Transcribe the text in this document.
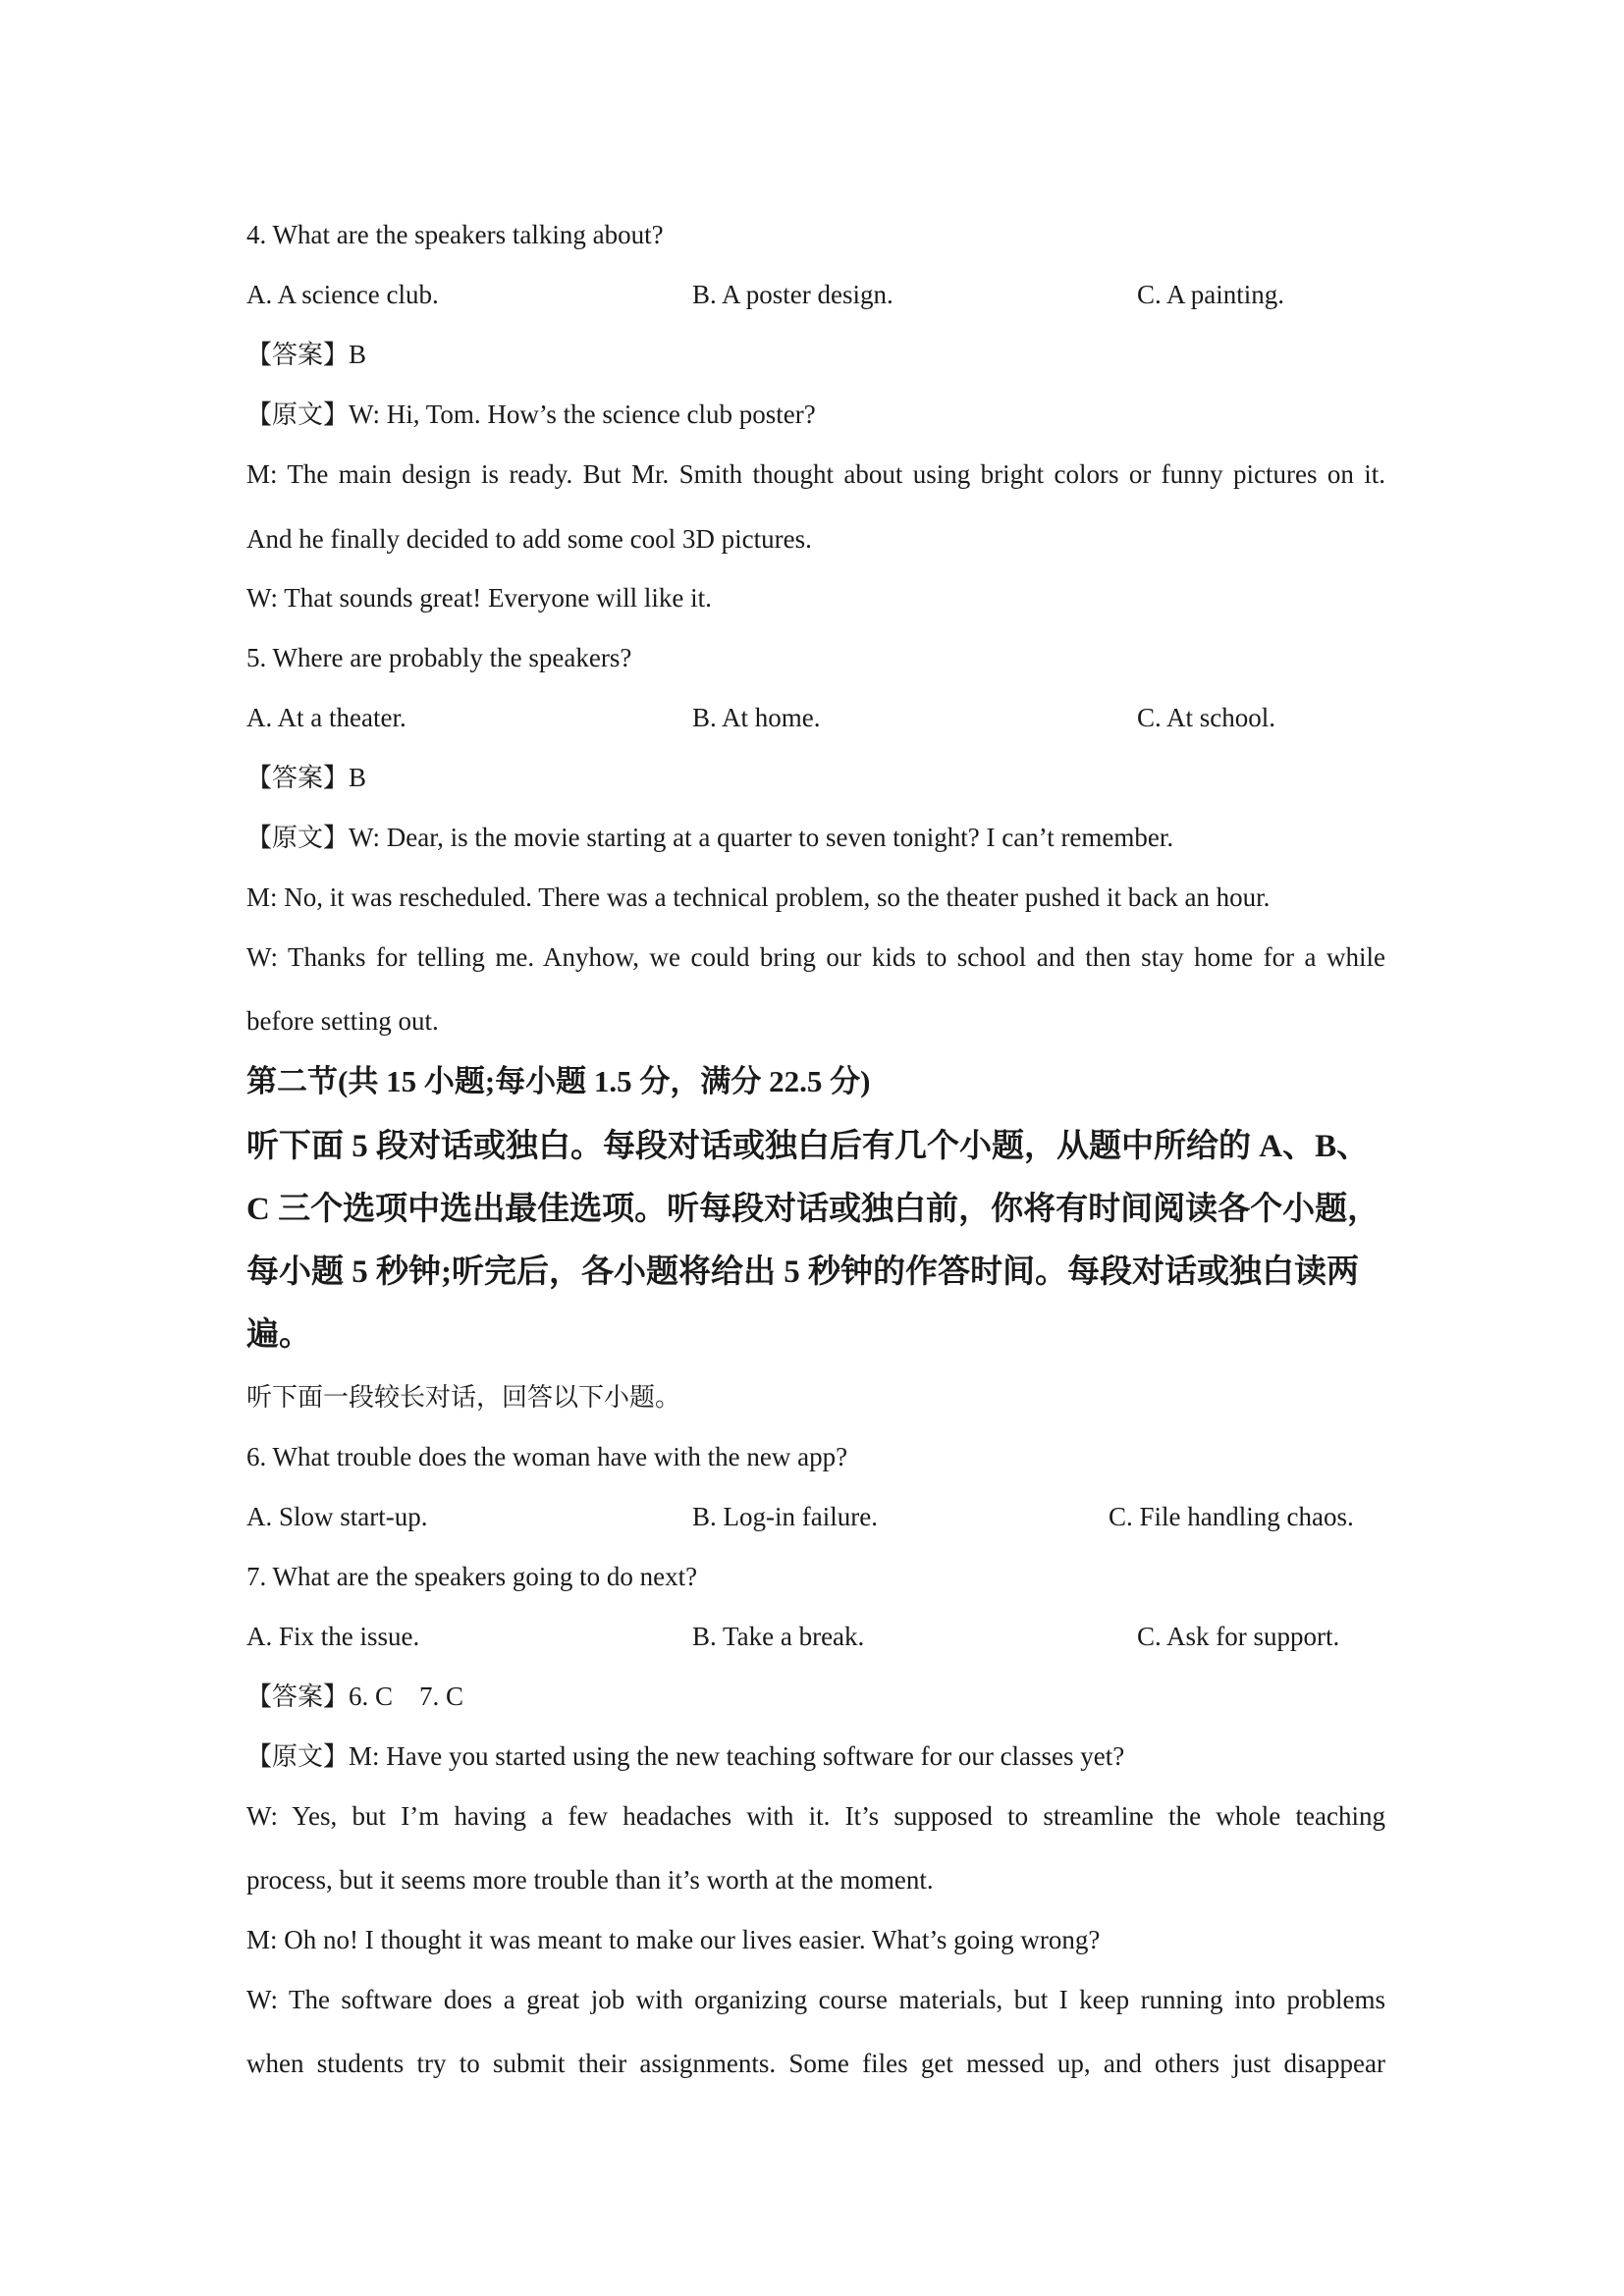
4. What are the speakers talking about?
A. A science club.	B. A poster design.	C. A painting.
【答案】B
【原文】W: Hi, Tom. How’s the science club poster?
M: The main design is ready. But Mr. Smith thought about using bright colors or funny pictures on it.
And he finally decided to add some cool 3D pictures.
W: That sounds great! Everyone will like it.
5. Where are probably the speakers?
A. At a theater.	B. At home.	C. At school.
【答案】B
【原文】W: Dear, is the movie starting at a quarter to seven tonight? I can’t remember.
M: No, it was rescheduled. There was a technical problem, so the theater pushed it back an hour.
W: Thanks for telling me. Anyhow, we could bring our kids to school and then stay home for a while
before setting out.
第二节(共 15 小题;每小题 1.5 分，满分 22.5 分)
听下面 5 段对话或独白。每段对话或独白后有几个小题，从题中所给的 A、B、
C 三个选项中选出最佳选项。听每段对话或独白前，你将有时间阅读各个小题，
每小题 5 秒钟;听完后，各小题将给出 5 秒钟的作答时间。每段对话或独白读两
遍。
听下面一段较长对话，回答以下小题。
6. What trouble does the woman have with the new app?
A. Slow start-up.	B. Log-in failure.	C. File handling chaos.
7. What are the speakers going to do next?
A. Fix the issue.	B. Take a break.	C. Ask for support.
【答案】6. C　7. C
【原文】M: Have you started using the new teaching software for our classes yet?
W: Yes, but I’m having a few headaches with it. It’s supposed to streamline the whole teaching
process, but it seems more trouble than it’s worth at the moment.
M: Oh no! I thought it was meant to make our lives easier. What’s going wrong?
W: The software does a great job with organizing course materials, but I keep running into problems
when students try to submit their assignments. Some files get messed up, and others just disappear
